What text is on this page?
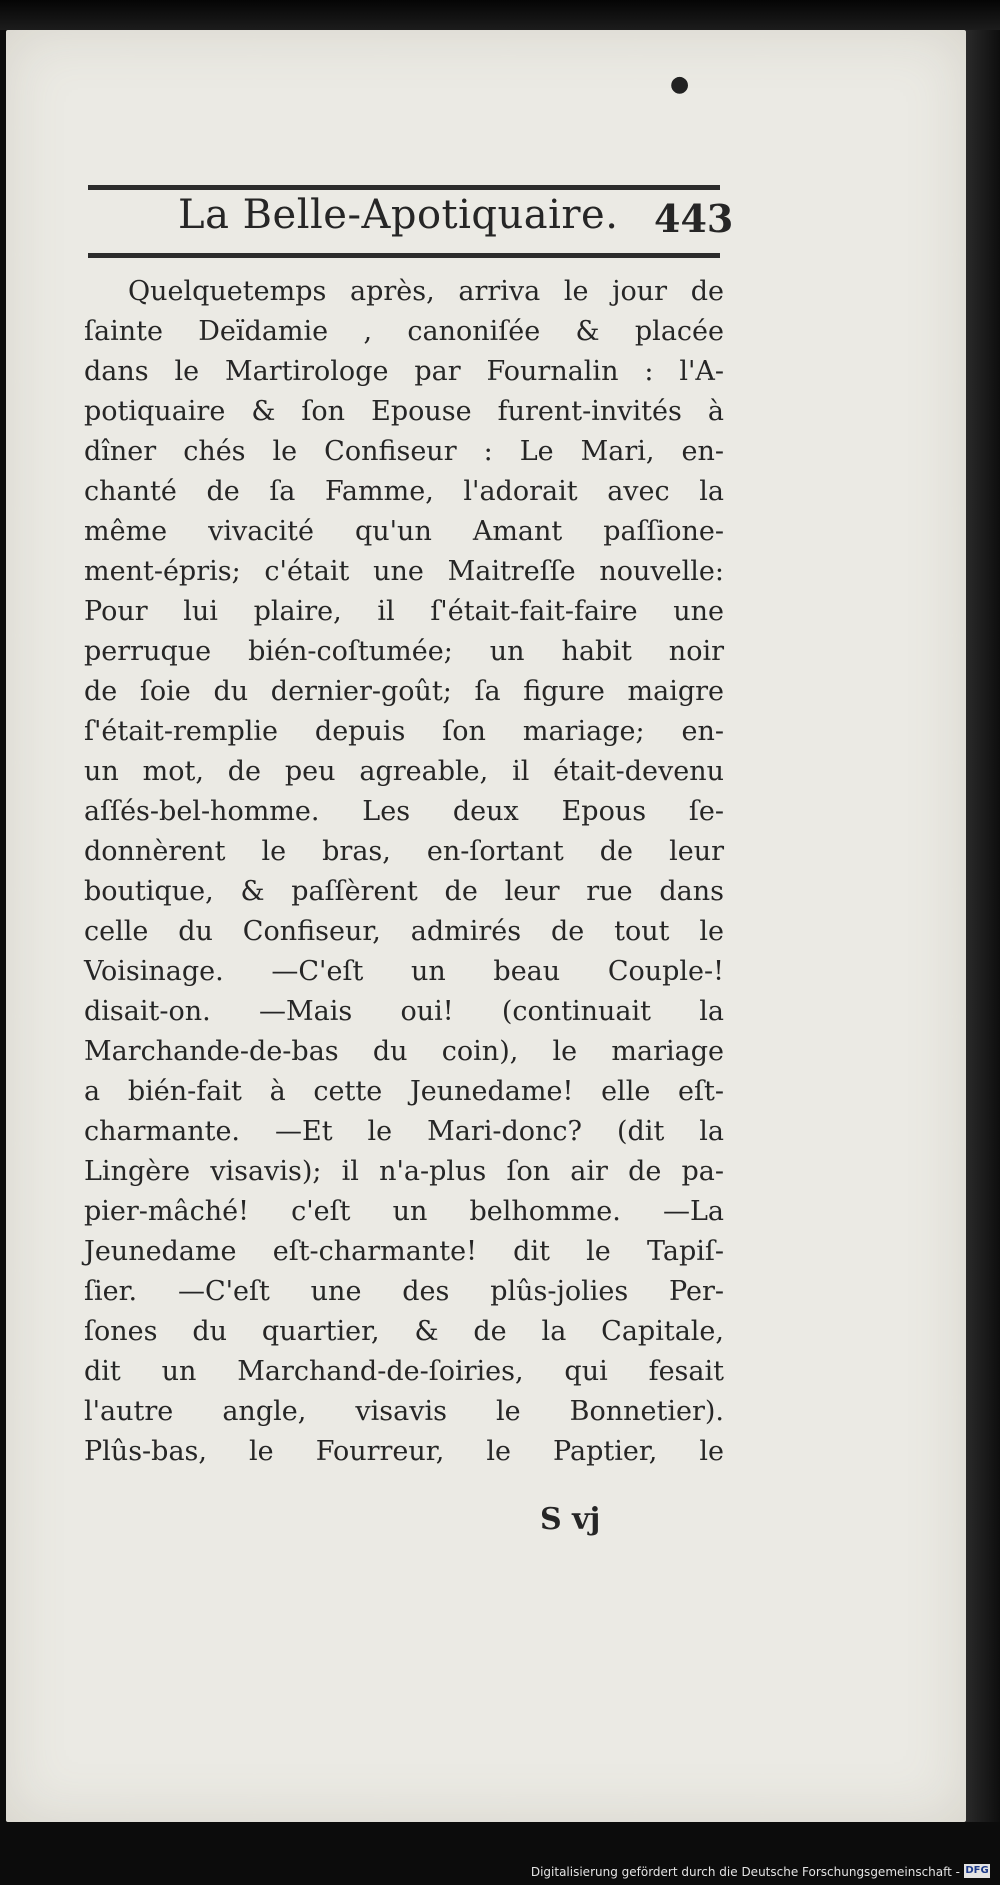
●
La Belle-Apotiquaire. 443
Quelquetemps après, arriva le jour de
ſainte Deïdamie , canoniſée & placée
dans le Martirologe par Fournalin : l'A-
potiquaire & ſon Epouse furent-invités à
dîner chés le Confiseur : Le Mari, en-
chanté de ſa Famme, l'adorait avec la
même vivacité qu'un Amant paſſione-
ment-épris; c'était une Maitreſſe nouvelle:
Pour lui plaire, il ſ'était-fait-faire une
perruque bién-coſtumée; un habit noir
de ſoie du dernier-goût; ſa figure maigre
ſ'était-remplie depuis ſon mariage; en-
un mot, de peu agreable, il était-devenu
aſſés-bel-homme. Les deux Epous ſe-
donnèrent le bras, en-ſortant de leur
boutique, & paſſèrent de leur rue dans
celle du Confiseur, admirés de tout le
Voisinage. —C'eſt un beau Couple-!
disait-on. —Mais oui! (continuait la
Marchande-de-bas du coin), le mariage
a bién-fait à cette Jeunedame! elle eſt-
charmante. —Et le Mari-donc? (dit la
Lingère visavis); il n'a-plus ſon air de pa-
pier-mâché! c'eſt un belhomme. —La
Jeunedame eſt-charmante! dit le Tapiſ-
ſier. —C'eſt une des plûs-jolies Per-
ſones du quartier, & de la Capitale,
dit un Marchand-de-ſoiries, qui fesait
l'autre angle, visavis le Bonnetier).
Plûs-bas, le Fourreur, le Paptier, le
S vj
Digitalisierung gefördert durch die Deutsche Forschungsgemeinschaft - DFG
